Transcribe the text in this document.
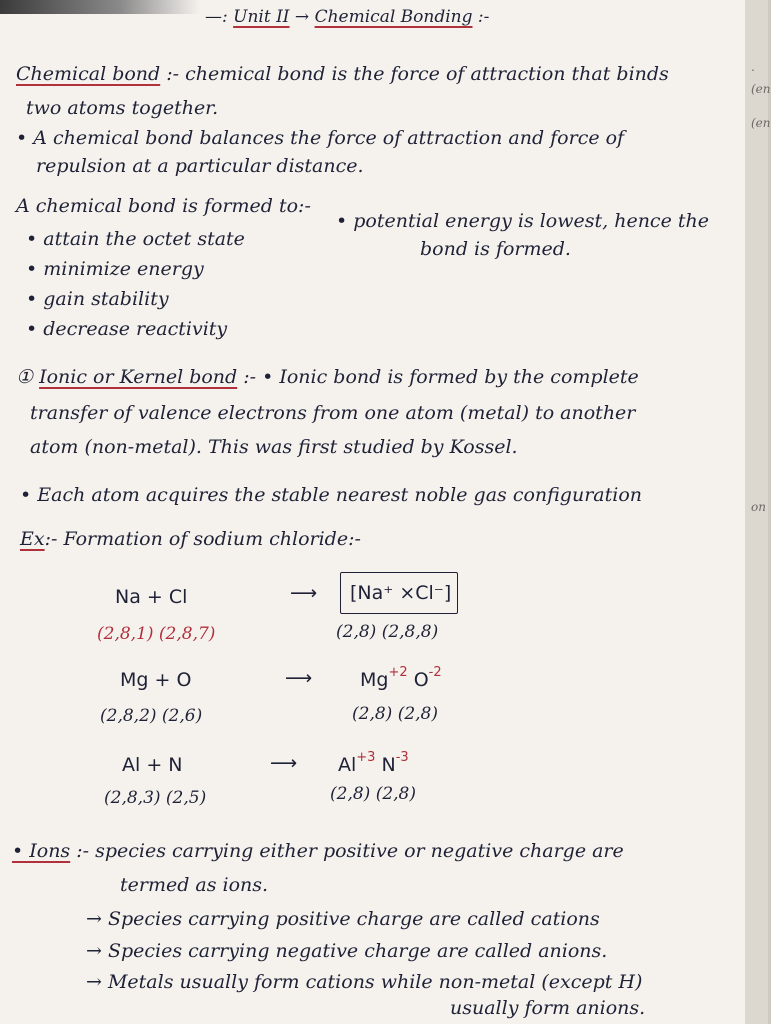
—: Unit II → Chemical Bonding :-
Chemical bond :- chemical bond is the force of attraction that binds
two atoms together.
• A chemical bond balances the force of attraction and force of
repulsion at a particular distance.
A chemical bond is formed to:-
• attain the octet state
• minimize energy
• gain stability
• decrease reactivity
• potential energy is lowest, hence the
bond is formed.
① Ionic or Kernel bond :- • Ionic bond is formed by the complete
transfer of valence electrons from one atom (metal) to another
atom (non-metal). This was first studied by Kossel.
• Each atom acquires the stable nearest noble gas configuration
Ex:- Formation of sodium chloride:-
Na + Cl	⟶ [Na⁺ ×Cl⁻]
(2,8,1) (2,8,7)	(2,8) (2,8,8)
Mg + O	⟶	$Mg^{+2}$ $O^{-2}$
(2,8,2) (2,6)	(2,8) (2,8)
Al + N	⟶ $Al^{+3}$ $N^{-3}$
(2,8,3) (2,5)	(2,8) (2,8)
• Ions :- species carrying either positive or negative charge are
termed as ions.
→ Species carrying positive charge are called cations
→ Species carrying negative charge are called anions.
→ Metals usually form cations while non-metal (except H)
usually form anions.
(en
(en
on
.
